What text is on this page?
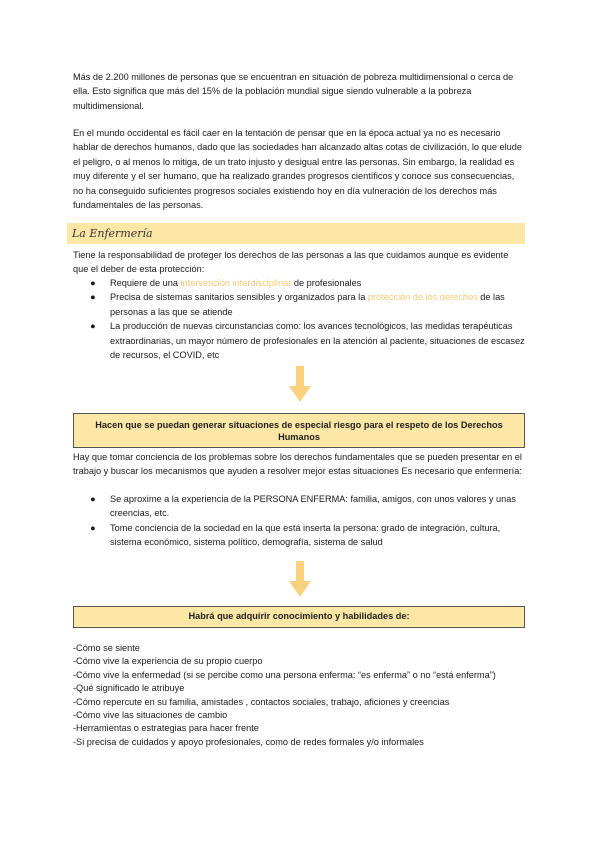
Más de 2.200 millones de personas que se encuentran en situación de pobreza multidimensional o cerca de ella. Esto significa que más del 15% de la población mundial sigue siendo vulnerable a la pobreza multidimensional.

En el mundo occidental es fácil caer en la tentación de pensar que en la época actual ya no es necesario hablar de derechos humanos, dado que las sociedades han alcanzado altas cotas de civilización, lo que elude el peligro, o al menos lo mitiga, de un trato injusto y desigual entre las personas. Sin embargo, la realidad es muy diferente y el ser humano, que ha realizado grandes progresos científicos y conoce sus consecuencias, no ha conseguido suficientes progresos sociales existiendo hoy en día vulneración de los derechos más fundamentales de las personas.

La Enfermería

Tiene la responsabilidad de proteger los derechos de las personas a las que cuidamos aunque es evidente que el deber de esta protección:

● Requiere de una intervención interdisciplinar de profesionales
● Precisa de sistemas sanitarios sensibles y organizados para la protección de los derechos de las personas a las que se atiende
● La producción de nuevas circunstancias como: los avances tecnológicos, las medidas terapéuticas extraordinarias, un mayor número de profesionales en la atención al paciente, situaciones de escasez de recursos, el COVID, etc
Hacen que se puedan generar situaciones de especial riesgo para el respeto de los Derechos Humanos

Hay que tomar conciencia de los problemas sobre los derechos fundamentales que se pueden presentar en el trabajo y buscar los mecanismos que ayuden a resolver mejor estas situaciones Es necesario que enfermería:

● Se aproxime a la experiencia de la PERSONA ENFERMA: familia, amigos, con unos valores y unas creencias, etc.
● Tome conciencia de la sociedad en la que está inserta la persona: grado de integración, cultura, sistema económico, sistema político, demografía, sistema de salud
Habrá que adquirir conocimiento y habilidades de:
-Cómo se siente
-Cómo vive la experiencia de su propio cuerpo
-Cómo vive la enfermedad (si se percibe como una persona enferma: “es enferma” o no “está enferma”)
-Qué significado le atribuye
-Cómo repercute en su familia, amistades , contactos sociales, trabajo, aficiones y creencias
-Cómo vive las situaciones de cambio
-Herramientas o estrategias para hacer frente
-Si precisa de cuidados y apoyo profesionales, como de redes formales y/o informales
